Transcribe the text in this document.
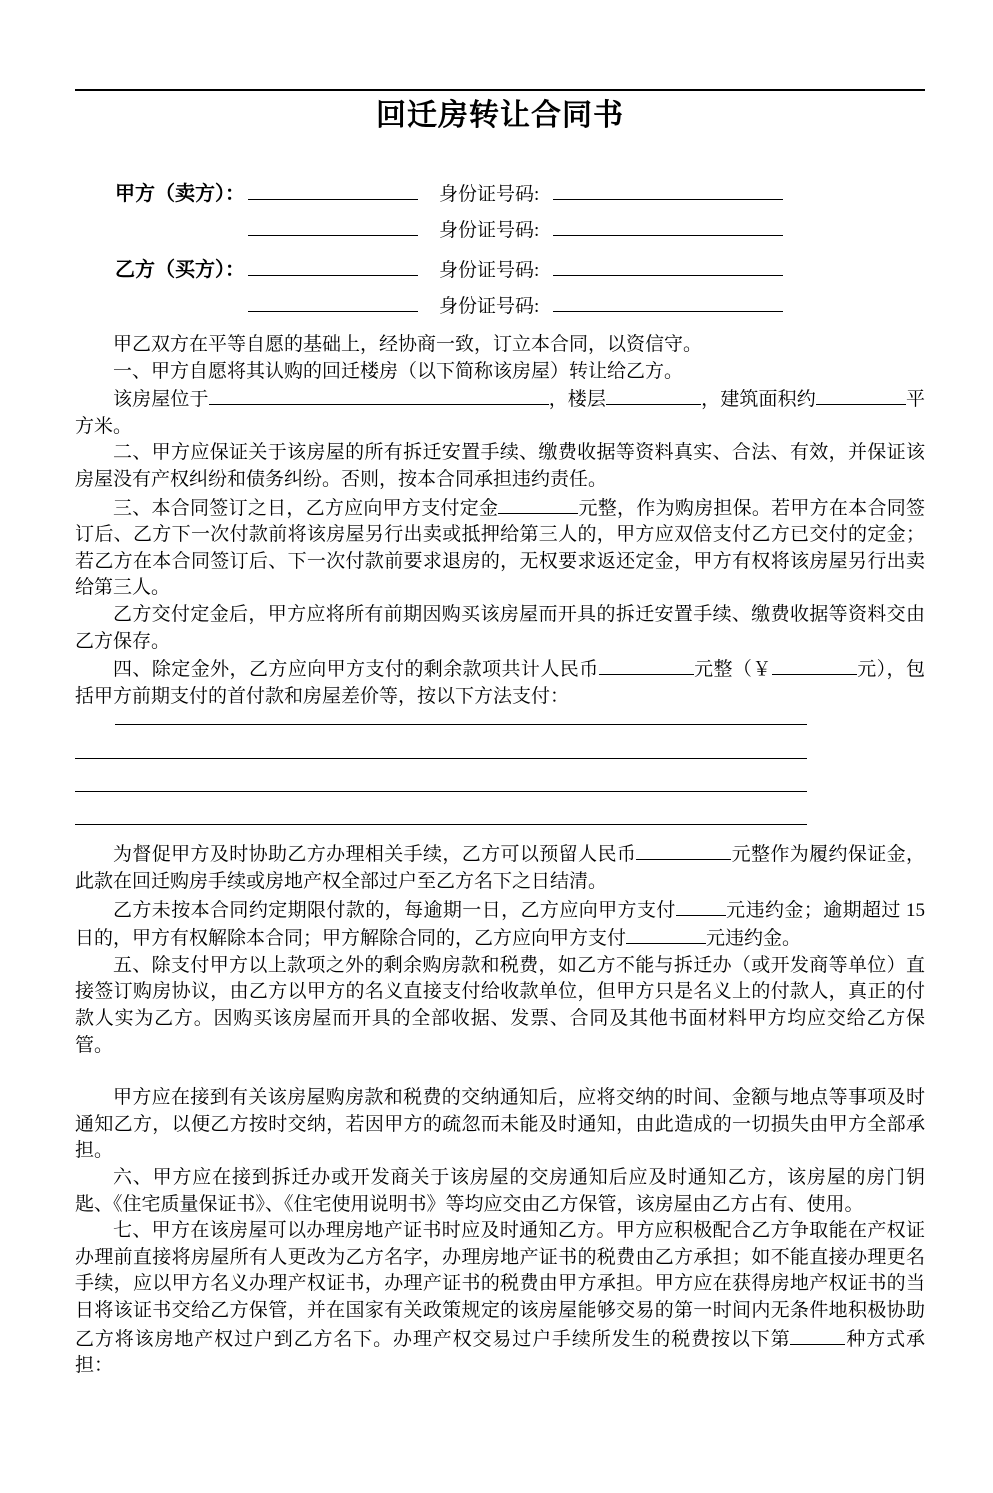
回迁房转让合同书
甲方（卖方）：	身份证号码:
身份证号码:
乙方（买方）：	身份证号码:
身份证号码:

甲乙双方在平等自愿的基础上，经协商一致，订立本合同，以资信守。

一、甲方自愿将其认购的回迁楼房（以下简称该房屋）转让给乙方。

该房屋位于	，楼层	，建筑面积约	平方米。

二、甲方应保证关于该房屋的所有拆迁安置手续、缴费收据等资料真实、合法、有效，并保证该房屋没有产权纠纷和债务纠纷。否则，按本合同承担违约责任。

三、本合同签订之日，乙方应向甲方支付定金	元整，作为购房担保。若甲方在本合同签订后、乙方下一次付款前将该房屋另行出卖或抵押给第三人的，甲方应双倍支付乙方已交付的定金；若乙方在本合同签订后、下一次付款前要求退房的，无权要求返还定金，甲方有权将该房屋另行出卖给第三人。

乙方交付定金后，甲方应将所有前期因购买该房屋而开具的拆迁安置手续、缴费收据等资料交由乙方保存。

四、除定金外，乙方应向甲方支付的剩余款项共计人民币	元整（￥	元），包括甲方前期支付的首付款和房屋差价等，按以下方法支付：

为督促甲方及时协助乙方办理相关手续，乙方可以预留人民币	元整作为履约保证金，此款在回迁购房手续或房地产权全部过户至乙方名下之日结清。

乙方未按本合同约定期限付款的，每逾期一日，乙方应向甲方支付	元违约金；逾期超过 15 日的，甲方有权解除本合同；甲方解除合同的，乙方应向甲方支付	元违约金。

五、除支付甲方以上款项之外的剩余购房款和税费，如乙方不能与拆迁办（或开发商等单位）直接签订购房协议，由乙方以甲方的名义直接支付给收款单位，但甲方只是名义上的付款人，真正的付款人实为乙方。因购买该房屋而开具的全部收据、发票、合同及其他书面材料甲方均应交给乙方保管。

甲方应在接到有关该房屋购房款和税费的交纳通知后，应将交纳的时间、金额与地点等事项及时通知乙方，以便乙方按时交纳，若因甲方的疏忽而未能及时通知，由此造成的一切损失由甲方全部承担。

六、甲方应在接到拆迁办或开发商关于该房屋的交房通知后应及时通知乙方，该房屋的房门钥匙、《住宅质量保证书》、《住宅使用说明书》等均应交由乙方保管，该房屋由乙方占有、使用。

七、甲方在该房屋可以办理房地产证书时应及时通知乙方。甲方应积极配合乙方争取能在产权证办理前直接将房屋所有人更改为乙方名字，办理房地产证书的税费由乙方承担；如不能直接办理更名手续，应以甲方名义办理产权证书，办理产证书的税费由甲方承担。甲方应在获得房地产权证书的当日将该证书交给乙方保管，并在国家有关政策规定的该房屋能够交易的第一时间内无条件地积极协助乙方将该房地产权过户到乙方名下。办理产权交易过户手续所发生的税费按以下第	种方式承担：
